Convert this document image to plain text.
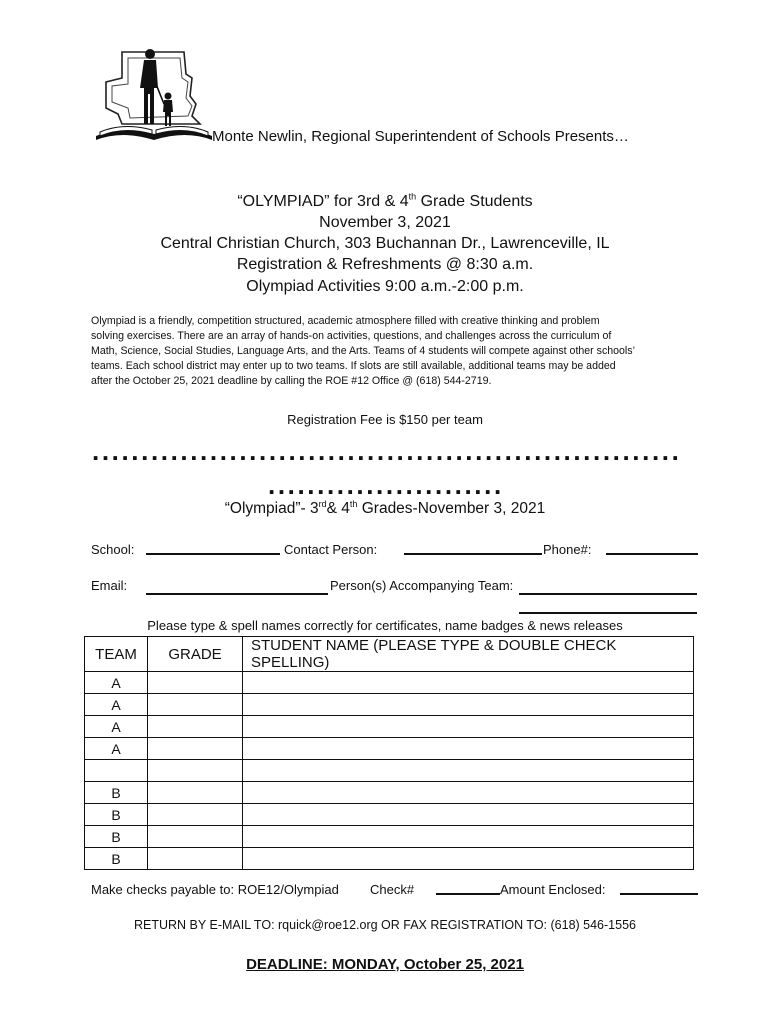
Monte Newlin, Regional Superintendent of Schools Presents…
“OLYMPIAD” for 3rd & 4th Grade Students
November 3, 2021
Central Christian Church, 303 Buchannan Dr., Lawrenceville, IL
Registration & Refreshments @ 8:30 a.m.
Olympiad Activities 9:00 a.m.-2:00 p.m.
Olympiad is a friendly, competition structured, academic atmosphere filled with creative thinking and problem
solving exercises. There are an array of hands-on activities, questions, and challenges across the curriculum of
Math, Science, Social Studies, Language Arts, and the Arts. Teams of 4 students will compete against other schools’
teams. Each school district may enter up to two teams. If slots are still available, additional teams may be added
after the October 25, 2021 deadline by calling the ROE #12 Office @ (618) 544-2719.
Registration Fee is $150 per team
............................................................
........................
“Olympiad”- 3rd& 4th Grades-November 3, 2021
School:	Contact Person:	Phone#:
Email:	Person(s) Accompanying Team:
Please type & spell names correctly for certificates, name badges & news releases
TEAM	GRADE	STUDENT NAME (PLEASE TYPE & DOUBLE CHECK SPELLING)
A		
A		
A		
A		

B		
B		
B		
B		
Make checks payable to: ROE12/Olympiad Check#	Amount Enclosed:
RETURN BY E-MAIL TO: rquick@roe12.org OR FAX REGISTRATION TO: (618) 546-1556
DEADLINE: MONDAY, October 25, 2021
